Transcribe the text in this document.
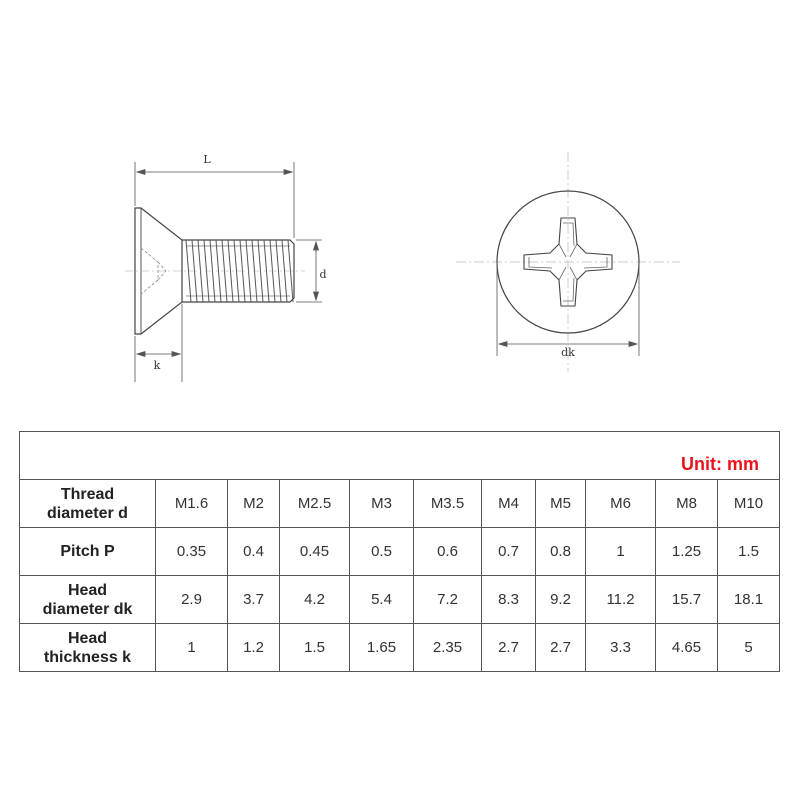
L
d
k
dk
Unit: mm										

Thread
diameter d	M1.6	M2	M2.5	M3	M3.5	M4	M5	M6	M8	M10

Pitch P	0.35	0.4	0.45	0.5	0.6	0.7	0.8	1	1.25	1.5

Head
diameter dk	2.9	3.7	4.2	5.4	7.2	8.3	9.2	11.2	15.7	18.1

Head
thickness k	1	1.2	1.5	1.65	2.35	2.7	2.7	3.3	4.65	5
